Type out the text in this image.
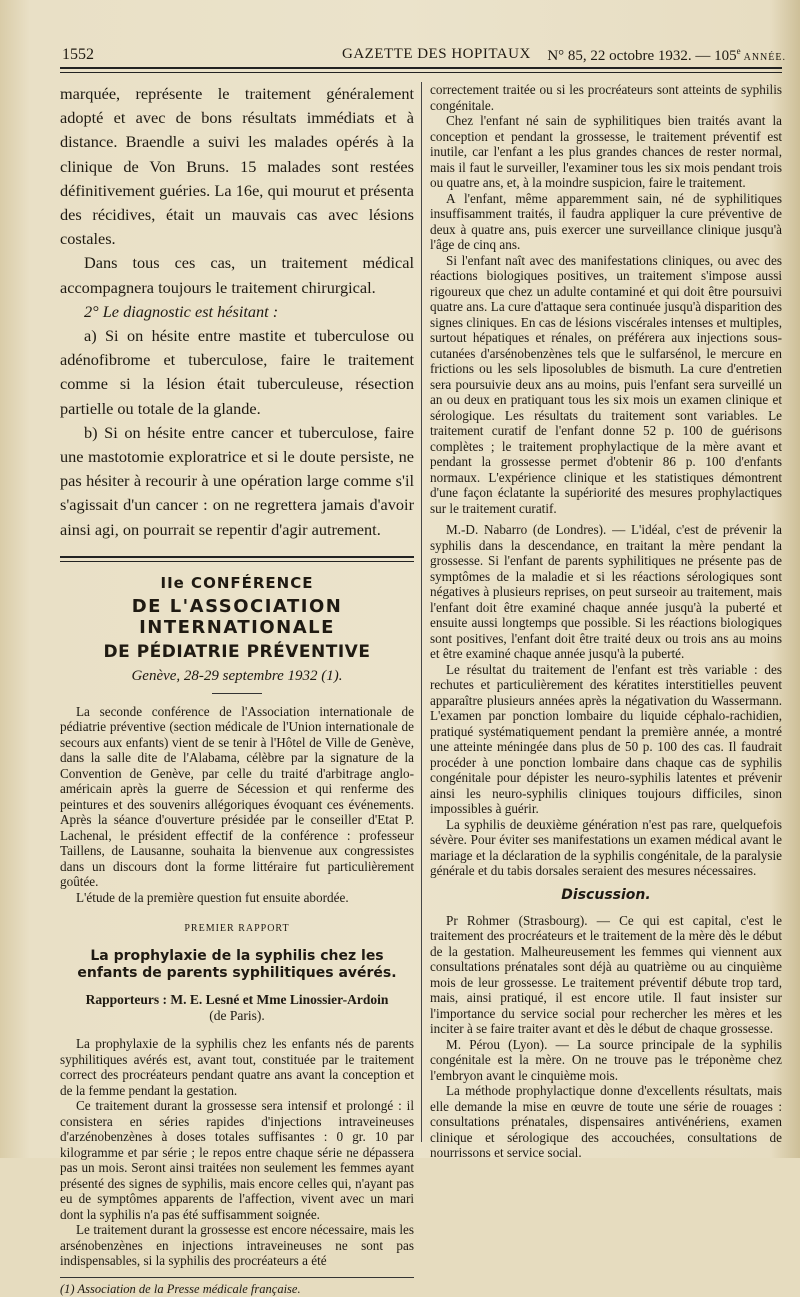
1552	GAZETTE DES HOPITAUX N° 85, 22 octobre 1932. — 105e ANNÉE.

marquée, représente le traitement généralement adopté et avec de bons résultats immédiats et à distance. Braendle a suivi les malades opérés à la clinique de Von Bruns. 15 malades sont restées définitivement guéries. La 16e, qui mourut et présenta des récidives, était un mauvais cas avec lésions costales.

Dans tous ces cas, un traitement médical accompagnera toujours le traitement chirurgical.

2° Le diagnostic est hésitant :

a) Si on hésite entre mastite et tuberculose ou adénofibrome et tuberculose, faire le traitement comme si la lésion était tuberculeuse, résection partielle ou totale de la glande.

b) Si on hésite entre cancer et tuberculose, faire une mastotomie exploratrice et si le doute persiste, ne pas hésiter à recourir à une opération large comme s'il s'agissait d'un cancer : on ne regrettera jamais d'avoir ainsi agi, on pourrait se repentir d'agir autrement.

IIe CONFÉRENCE
DE L'ASSOCIATION INTERNATIONALE
DE PÉDIATRIE PRÉVENTIVE
Genève, 28-29 septembre 1932 (1).

La seconde conférence de l'Association internationale de pédiatrie préventive (section médicale de l'Union internationale de secours aux enfants) vient de se tenir à l'Hôtel de Ville de Genève, dans la salle dite de l'Alabama, célèbre par la signature de la Convention de Genève, par celle du traité d'arbitrage anglo-américain après la guerre de Sécession et qui renferme des peintures et des souvenirs allégoriques évoquant ces événements. Après la séance d'ouverture présidée par le conseiller d'Etat P. Lachenal, le président effectif de la conférence : professeur Taillens, de Lausanne, souhaita la bienvenue aux congressistes dans un discours dont la forme littéraire fut particulièrement goûtée.

L'étude de la première question fut ensuite abordée.

PREMIER RAPPORT
La prophylaxie de la syphilis chez les enfants de parents syphilitiques avérés.
Rapporteurs : M. E. Lesné et Mme Linossier-Ardoin
(de Paris).

La prophylaxie de la syphilis chez les enfants nés de parents syphilitiques avérés est, avant tout, constituée par le traitement correct des procréateurs pendant quatre ans avant la conception et de la femme pendant la gestation.

Ce traitement durant la grossesse sera intensif et prolongé : il consistera en séries rapides d'injections intraveineuses d'arzénobenzènes à doses totales suffisantes : 0 gr. 10 par kilogramme et par série ; le repos entre chaque série ne dépassera pas un mois. Seront ainsi traitées non seulement les femmes ayant présenté des signes de syphilis, mais encore celles qui, n'ayant pas eu de symptômes apparents de l'affection, vivent avec un mari dont la syphilis n'a pas été suffisamment soignée.

Le traitement durant la grossesse est encore nécessaire, mais les arsénobenzènes en injections intraveineuses ne sont pas indispensables, si la syphilis des procréateurs a été

(1) Association de la Presse médicale française.

correctement traitée ou si les procréateurs sont atteints de syphilis congénitale.

Chez l'enfant né sain de syphilitiques bien traités avant la conception et pendant la grossesse, le traitement préventif est inutile, car l'enfant a les plus grandes chances de rester normal, mais il faut le surveiller, l'examiner tous les six mois pendant trois ou quatre ans, et, à la moindre suspicion, faire le traitement.

A l'enfant, même apparemment sain, né de syphilitiques insuffisamment traités, il faudra appliquer la cure préventive de deux à quatre ans, puis exercer une surveillance clinique jusqu'à l'âge de cinq ans.

Si l'enfant naît avec des manifestations cliniques, ou avec des réactions biologiques positives, un traitement s'impose aussi rigoureux que chez un adulte contaminé et qui doit être poursuivi quatre ans. La cure d'attaque sera continuée jusqu'à disparition des signes cliniques. En cas de lésions viscérales intenses et multiples, surtout hépatiques et rénales, on préférera aux injections sous-cutanées d'arsénobenzènes tels que le sulfarsénol, le mercure en frictions ou les sels liposolubles de bismuth. La cure d'entretien sera poursuivie deux ans au moins, puis l'enfant sera surveillé un an ou deux en pratiquant tous les six mois un examen clinique et sérologique. Les résultats du traitement sont variables. Le traitement curatif de l'enfant donne 52 p. 100 de guérisons complètes ; le traitement prophylactique de la mère avant et pendant la grossesse permet d'obtenir 86 p. 100 d'enfants normaux. L'expérience clinique et les statistiques démontrent d'une façon éclatante la supériorité des mesures prophylactiques sur le traitement curatif.

M.-D. Nabarro (de Londres). — L'idéal, c'est de prévenir la syphilis dans la descendance, en traitant la mère pendant la grossesse. Si l'enfant de parents syphilitiques ne présente pas de symptômes de la maladie et si les réactions sérologiques sont négatives à plusieurs reprises, on peut surseoir au traitement, mais l'enfant doit être examiné chaque année jusqu'à la puberté et ensuite aussi longtemps que possible. Si les réactions biologiques sont positives, l'enfant doit être traité deux ou trois ans au moins et être examiné chaque année jusqu'à la puberté.

Le résultat du traitement de l'enfant est très variable : des rechutes et particulièrement des kératites interstitielles peuvent apparaître plusieurs années après la négativation du Wassermann. L'examen par ponction lombaire du liquide céphalo-rachidien, pratiqué systématiquement pendant la première année, a montré une atteinte méningée dans plus de 50 p. 100 des cas. Il faudrait procéder à une ponction lombaire dans chaque cas de syphilis congénitale pour dépister les neuro-syphilis latentes et prévenir ainsi les neuro-syphilis cliniques toujours difficiles, sinon impossibles à guérir.

La syphilis de deuxième génération n'est pas rare, quelquefois sévère. Pour éviter ses manifestations un examen médical avant le mariage et la déclaration de la syphilis congénitale, de la paralysie générale et du tabis dorsales seraient des mesures nécessaires.

Discussion.

Pr Rohmer (Strasbourg). — Ce qui est capital, c'est le traitement des procréateurs et le traitement de la mère dès le début de la gestation. Malheureusement les femmes qui viennent aux consultations prénatales sont déjà au quatrième ou au cinquième mois de leur grossesse. Le traitement préventif débute trop tard, mais, ainsi pratiqué, il est encore utile. Il faut insister sur l'importance du service social pour rechercher les mères et les inciter à se faire traiter avant et dès le début de chaque grossesse.

M. Pérou (Lyon). — La source principale de la syphilis congénitale est la mère. On ne trouve pas le tréponème chez l'embryon avant le cinquième mois.

La méthode prophylactique donne d'excellents résultats, mais elle demande la mise en œuvre de toute une série de rouages : consultations prénatales, dispensaires antivénériens, examen clinique et sérologique des accouchées, consultations de nourrissons et service social.
